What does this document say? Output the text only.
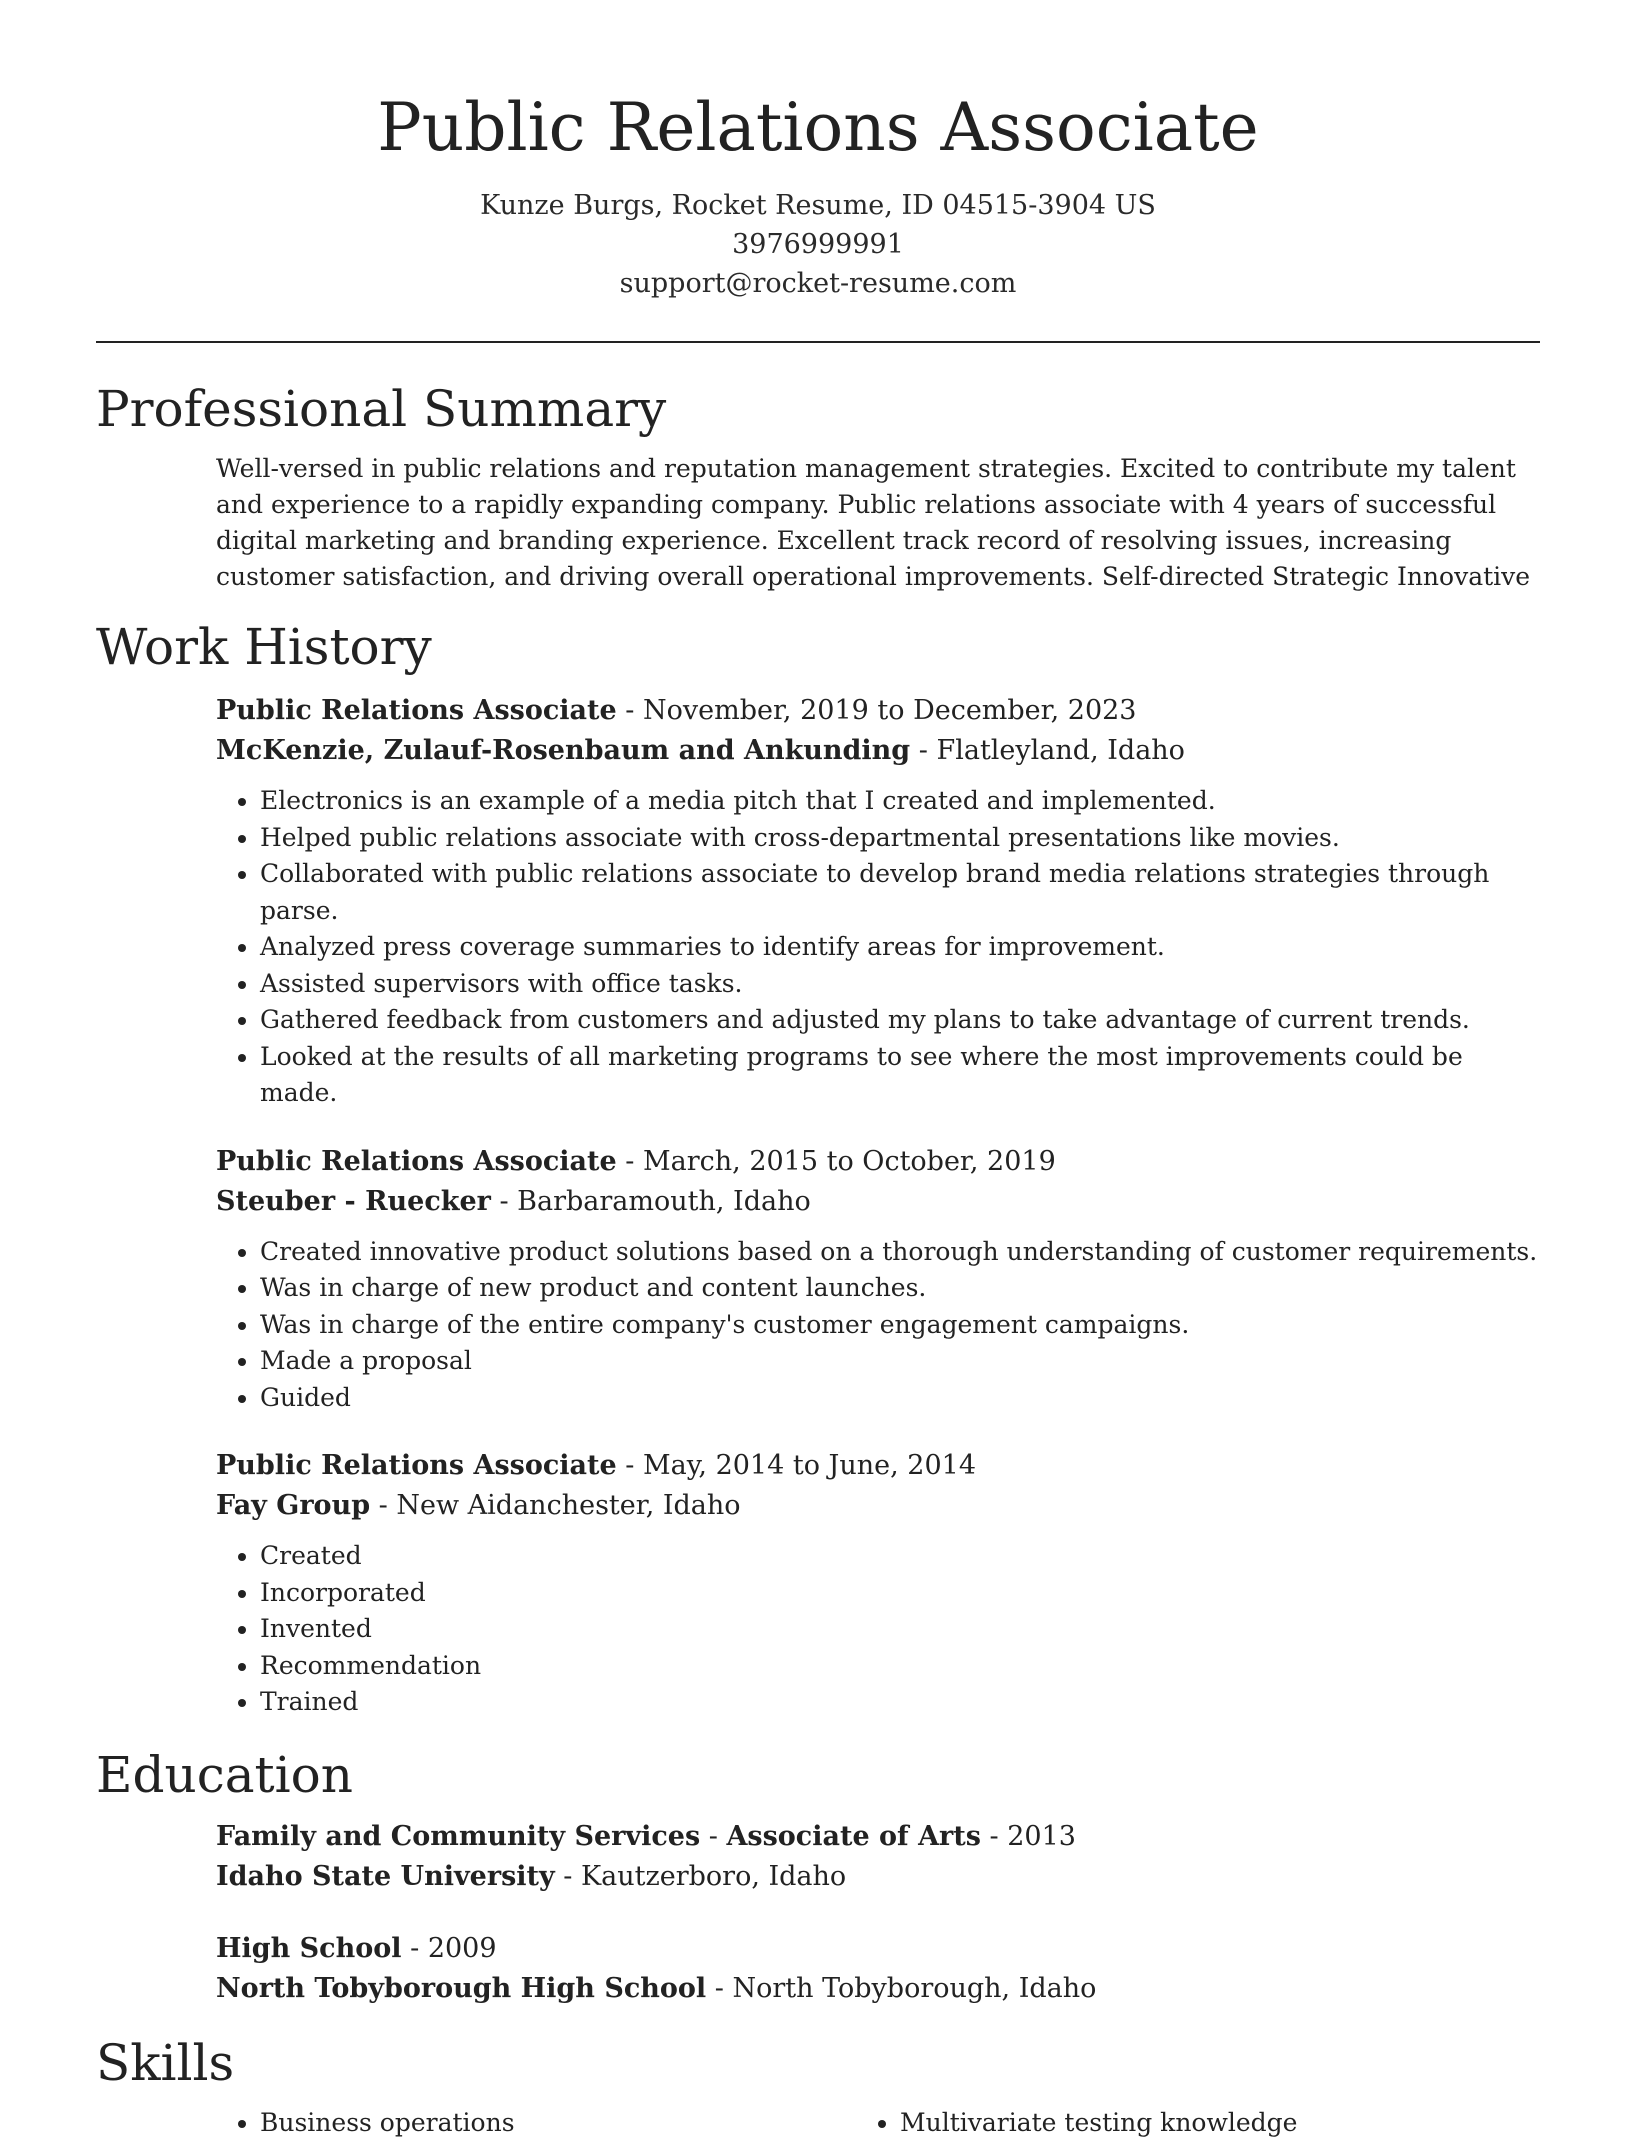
Public Relations Associate
Kunze Burgs, Rocket Resume, ID 04515-3904 US
3976999991
support@rocket-resume.com
Professional Summary
Well-versed in public relations and reputation management strategies. Excited to contribute my talent and experience to a rapidly expanding company. Public relations associate with 4 years of successful digital marketing and branding experience. Excellent track record of resolving issues, increasing customer satisfaction, and driving overall operational improvements. Self-directed Strategic Innovative
Work History
Public Relations Associate - November, 2019 to December, 2023
McKenzie, Zulauf-Rosenbaum and Ankunding - Flatleyland, Idaho
• Electronics is an example of a media pitch that I created and implemented.
• Helped public relations associate with cross-departmental presentations like movies.
• Collaborated with public relations associate to develop brand media relations strategies through parse.
• Analyzed press coverage summaries to identify areas for improvement.
• Assisted supervisors with office tasks.
• Gathered feedback from customers and adjusted my plans to take advantage of current trends.
• Looked at the results of all marketing programs to see where the most improvements could be made.
Public Relations Associate - March, 2015 to October, 2019
Steuber - Ruecker - Barbaramouth, Idaho
• Created innovative product solutions based on a thorough understanding of customer requirements.
• Was in charge of new product and content launches.
• Was in charge of the entire company's customer engagement campaigns.
• Made a proposal
• Guided
Public Relations Associate - May, 2014 to June, 2014
Fay Group - New Aidanchester, Idaho
• Created
• Incorporated
• Invented
• Recommendation
• Trained
Education
Family and Community Services - Associate of Arts - 2013
Idaho State University - Kautzerboro, Idaho
High School - 2009
North Tobyborough High School - North Tobyborough, Idaho
Skills
• Business operations
•	Multivariate testing knowledge
